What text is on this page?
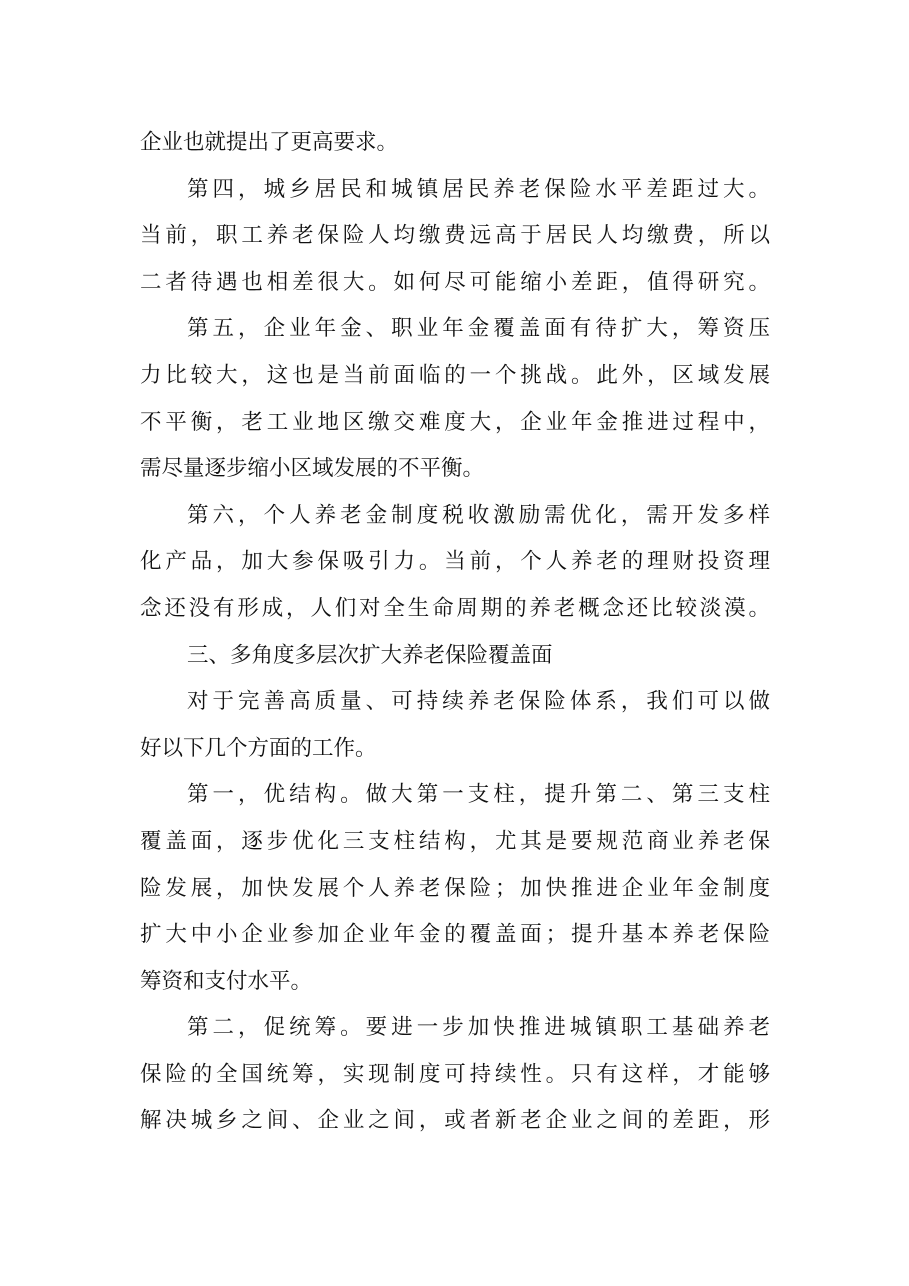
企业也就提出了更高要求。
第四，城乡居民和城镇居民养老保险水平差距过大。
当前，职工养老保险人均缴费远高于居民人均缴费，所以
二者待遇也相差很大。如何尽可能缩小差距，值得研究。
第五，企业年金、职业年金覆盖面有待扩大，筹资压
力比较大，这也是当前面临的一个挑战。此外，区域发展
不平衡，老工业地区缴交难度大，企业年金推进过程中，
需尽量逐步缩小区域发展的不平衡。
第六，个人养老金制度税收激励需优化，需开发多样
化产品，加大参保吸引力。当前，个人养老的理财投资理
念还没有形成，人们对全生命周期的养老概念还比较淡漠。
三、多角度多层次扩大养老保险覆盖面
对于完善高质量、可持续养老保险体系，我们可以做
好以下几个方面的工作。
第一，优结构。做大第一支柱，提升第二、第三支柱
覆盖面，逐步优化三支柱结构，尤其是要规范商业养老保
险发展，加快发展个人养老保险；加快推进企业年金制度
扩大中小企业参加企业年金的覆盖面；提升基本养老保险
筹资和支付水平。
第二，促统筹。要进一步加快推进城镇职工基础养老
保险的全国统筹，实现制度可持续性。只有这样，才能够
解决城乡之间、企业之间，或者新老企业之间的差距，形
